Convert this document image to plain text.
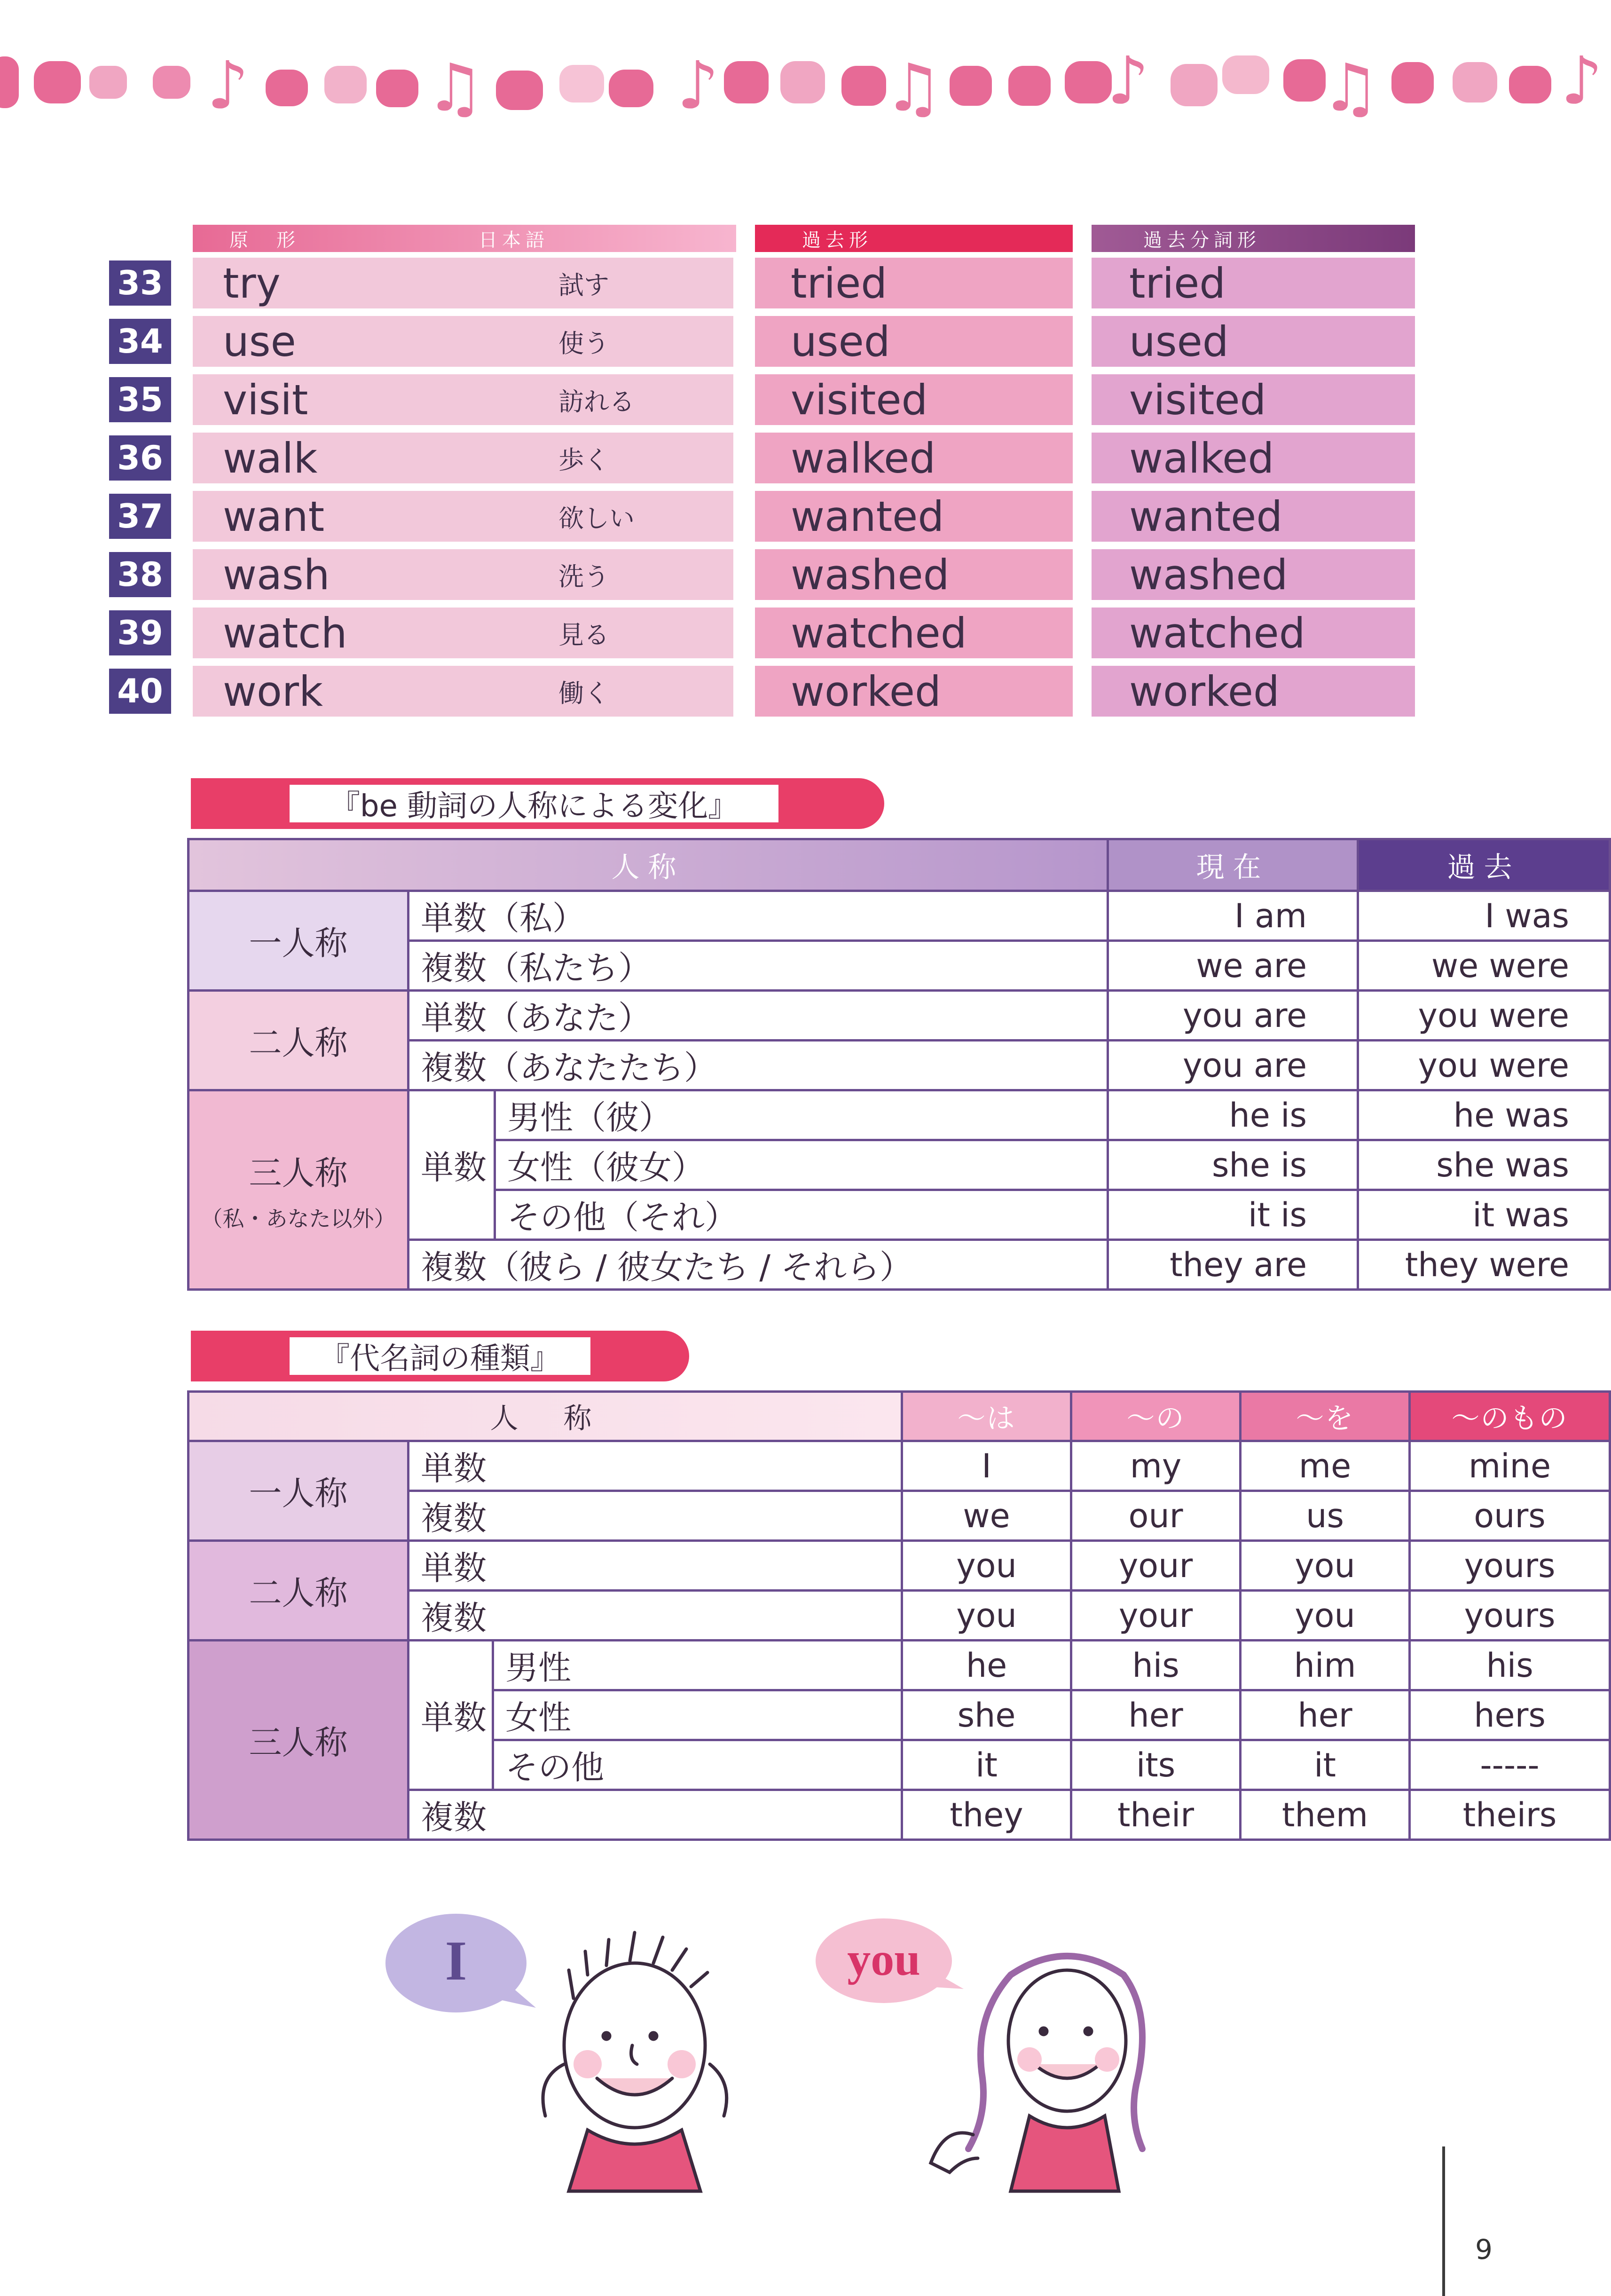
♪	♫	♪	♫ ♪	♫	♪
原　形	日本語	過去形	過去分詞形
33 try	試す	tried	tried
34 use	使う	used	used
35 visit	訪れる	visited	visited
36 walk	歩く	walked	walked
37 want	欲しい	wanted	wanted
38 wash	洗う	washed	washed
39 watch	見る	watched	watched
40 work	働く	worked	worked
『be 動詞の人称による変化』
人称			現在	過去
一人称	単数（私）		I am	I was
	複数（私たち）		we are	we were
二人称	単数（あなた）		you are	you were
	複数（あなたたち）		you are	you were
三人称
（私・あなた以外）	単数	男性（彼）	he is	he was
		女性（彼女）	she is	she was
		その他（それ）	it is	it was
	複数（彼ら / 彼女たち / それら）		they are	they were
『代名詞の種類』
人　称			〜は	〜の	〜を	〜のもの
一人称	単数		I	my	me	mine
	複数		we	our	us	ours
二人称	単数		you	your	you	yours
	複数		you	your	you	yours
三人称	単数	男性	he	his	him	his
		女性	she	her	her	hers
		その他	it	its	it	-----
	複数		they	their	them	theirs
I	you
9
